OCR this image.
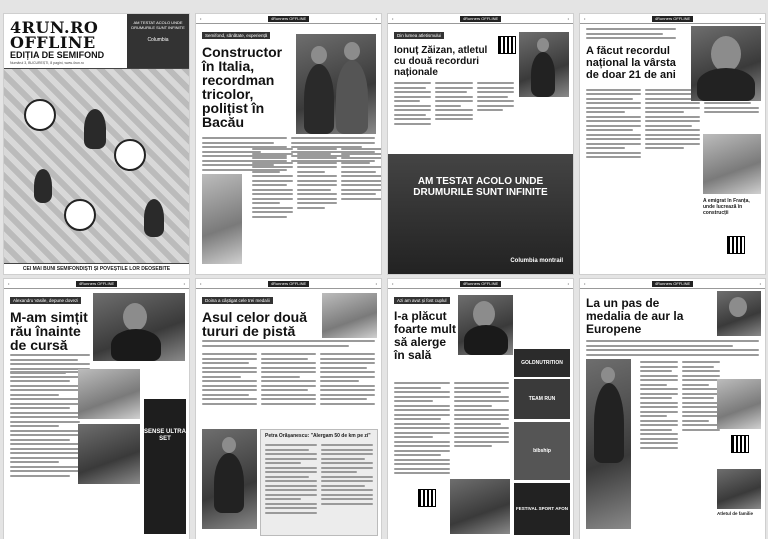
4RUN.RO
OFFLINE
EDIȚIA DE SEMIFOND
Numărul 3, BUCUREȘTI, 8 pagini, www.4run.ro
AM TESTAT ACOLO UNDE DRUMURILE SUNT INFINITE
Columbia
CEI MAI BUNI SEMIFONDIȘTI ȘI POVEȘTILE LOR DEOSEBITE
•	4Runners OFFLINE	•
Semifond, sănătate, experiență
Constructor în Italia, recordman tricolor, polițist în Bacău
•	4Runners OFFLINE	•
Din lumea atletismului
Ionuț Zăizan, atletul cu două recorduri naționale
AM TESTAT ACOLO UNDE DRUMURILE SUNT INFINITE
Columbia montrail
•	4Runners OFFLINE	•
A făcut recordul național la vârsta de doar 21 de ani
A emigrat în Franța, unde lucrează în construcții
•	4Runners OFFLINE	•
Alexandru Vasile, depune dovezi
M-am simțit rău înainte de cursă
SENSE ULTRA SET
•	4Runners OFFLINE	•
Doina a câștigat cele trei medalii
Asul celor două tururi de pistă
Petra Orășanescu: "Alergam 50 de km pe zi"
•	4Runners OFFLINE	•
Azi am avut și fost cuplul
I-a plăcut foarte mult să alerge în sală
GOLDNUTRITION
TEAM RUN
bibship
FESTIVAL SPORT AFON
•	4Runners OFFLINE	•
La un pas de medalia de aur la Europene
Atletul de familie
